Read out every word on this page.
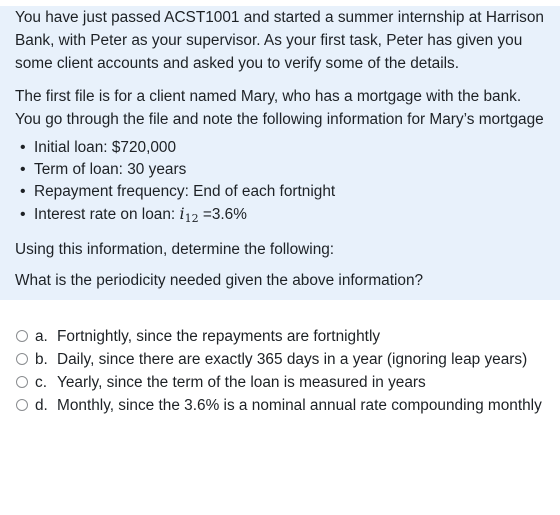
You have just passed ACST1001 and started a summer internship at Harrison Bank, with Peter as your supervisor. As your first task, Peter has given you some client accounts and asked you to verify some of the details.

The first file is for a client named Mary, who has a mortgage with the bank. You go through the file and note the following information for Mary’s mortgage

• Initial loan: $720,000
• Term of loan: 30 years
• Repayment frequency: End of each fortnight
• Interest rate on loan: $i_{12} =3.6\%$

Using this information, determine the following:

What is the periodicity needed given the above information?

a. Fortnightly, since the repayments are fortnightly
b. Daily, since there are exactly 365 days in a year (ignoring leap years)
c. Yearly, since the term of the loan is measured in years
d. Monthly, since the 3.6% is a nominal annual rate compounding monthly
